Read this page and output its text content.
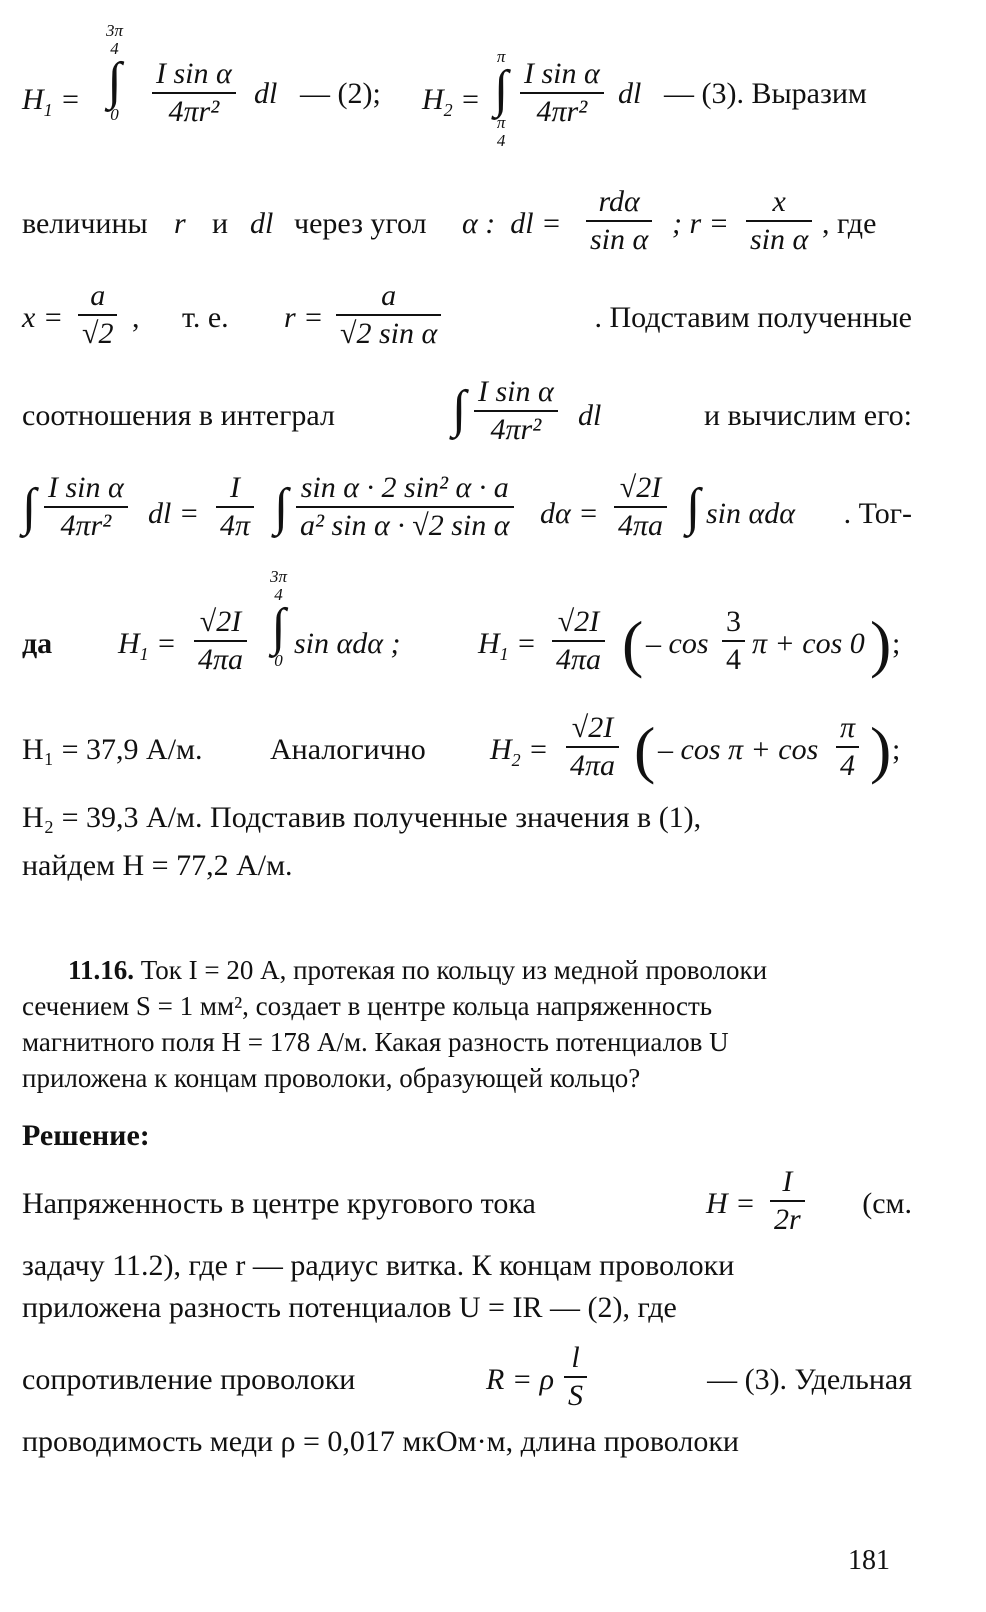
$H_1$ =
3π
4
∫
$0 \frac{\text{I sin α}}{\text{4πr²}}$ dl — (2); $H_2$ =
π
∫
π
4
$\frac{\text{I sin α}}{\text{4πr²}}$ dl — (3). Выразим
величины r и dl через угол α :  dl =
rdα
sin α ; $r = \frac{x}{\text{sin α}}$ , где
$x = \frac{a}{√2}$ , т. е. $r = \frac{a}{\text{√2 sin α}}$	. Подставим полученные
соотношения в интеграл ∫ $\frac{\text{I sin α}}{\text{4πr²}}$ dl	и вычислим его:
∫ $\frac{\text{I sin α}}{\text{4πr²}}$ dl = $\frac{I}{4\pi}$ ∫ $\frac{\text{sin α · 2 sin² α · a}}{\text{a² sin α · √2 sin α}}$ $d\alpha = \frac{√2I}{4\pi a}$ ∫ sin αdα	. Тог-
да $H_1 = \frac{√2I}{4\pi a}$
3π
4
∫
0
sin αdα ;	$H_1 = \frac{√2I}{4\pi a}$ ( – $\cos \frac{3}{4}$ π + cos 0 ) ;
H₁ = 37,9 А/м. Аналогично $H_2 = \frac{√2I}{4\pi a}$ ( – $\cos \pi + \cos \frac{\pi}{4}$ ) ;
H₂ = 39,3 А/м. Подставив полученные значения в (1),
найдем H = 77,2 А/м.
11.16. Ток I = 20 А, протекая по кольцу из медной проволоки
сечением S = 1 мм², создает в центре кольца напряженность
магнитного поля H = 178 А/м. Какая разность потенциалов U
приложена к концам проволоки, образующей кольцо?
Решение:
Напряженность в центре кругового тока	$H = \frac{I}{2r}$	(см.
задачу 11.2), где r — радиус витка. К концам проволоки
приложена разность потенциалов U = IR — (2), где
сопротивление проволоки	R = ρ $\frac{l}{S}$	— (3). Удельная
проводимость меди ρ = 0,017 мкОм·м, длина проволоки
181
